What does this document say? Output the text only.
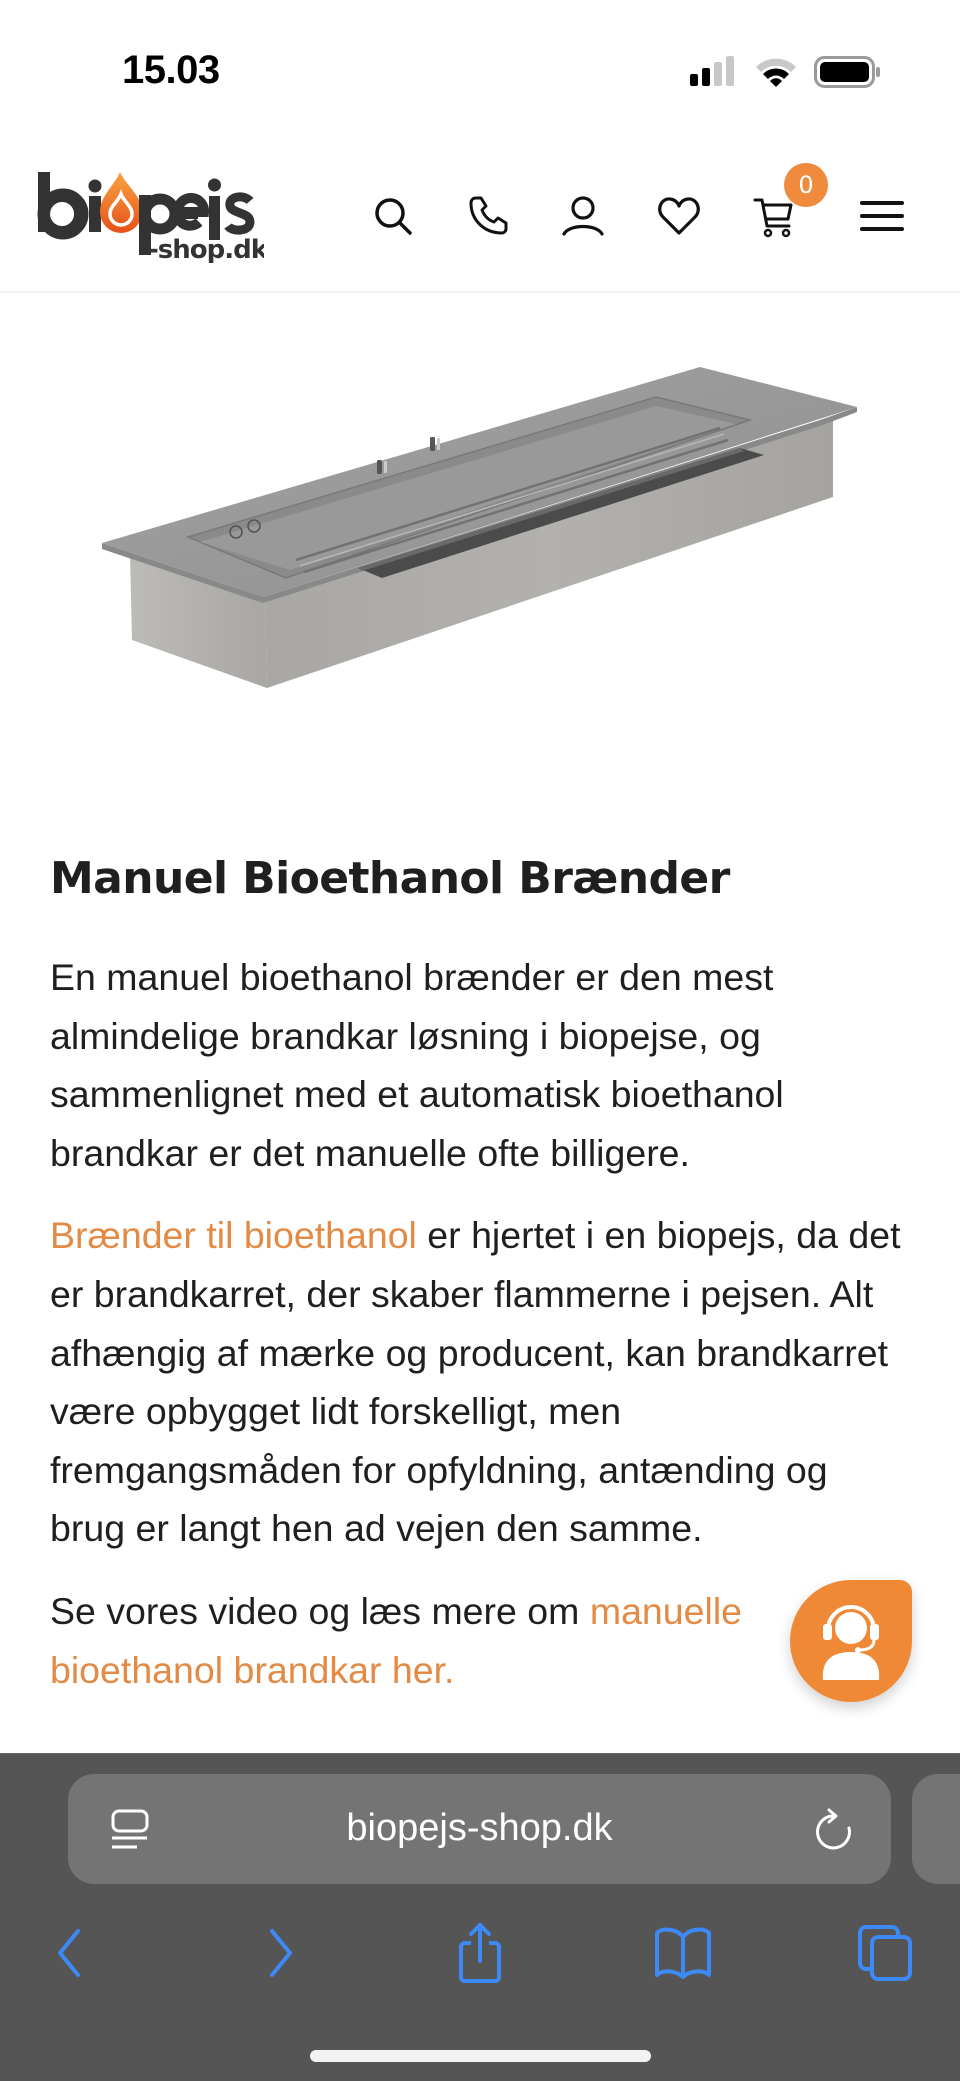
15.03
-shop.dk
0
Manuel Bioethanol Brænder

En manuel bioethanol brænder er den mest almindelige brandkar løsning i biopejse, og sammenlignet med et automatisk bioethanol brandkar er det manuelle ofte billigere.

Brænder til bioethanol er hjertet i en biopejs, da det er brandkarret, der skaber flammerne i pejsen. Alt afhængig af mærke og producent, kan brandkarret være opbygget lidt forskelligt, men fremgangsmåden for opfyldning, antænding og brug er langt hen ad vejen den samme.

Se vores video og læs mere om manuelle bioethanol brandkar her.

biopejs-shop.dk
